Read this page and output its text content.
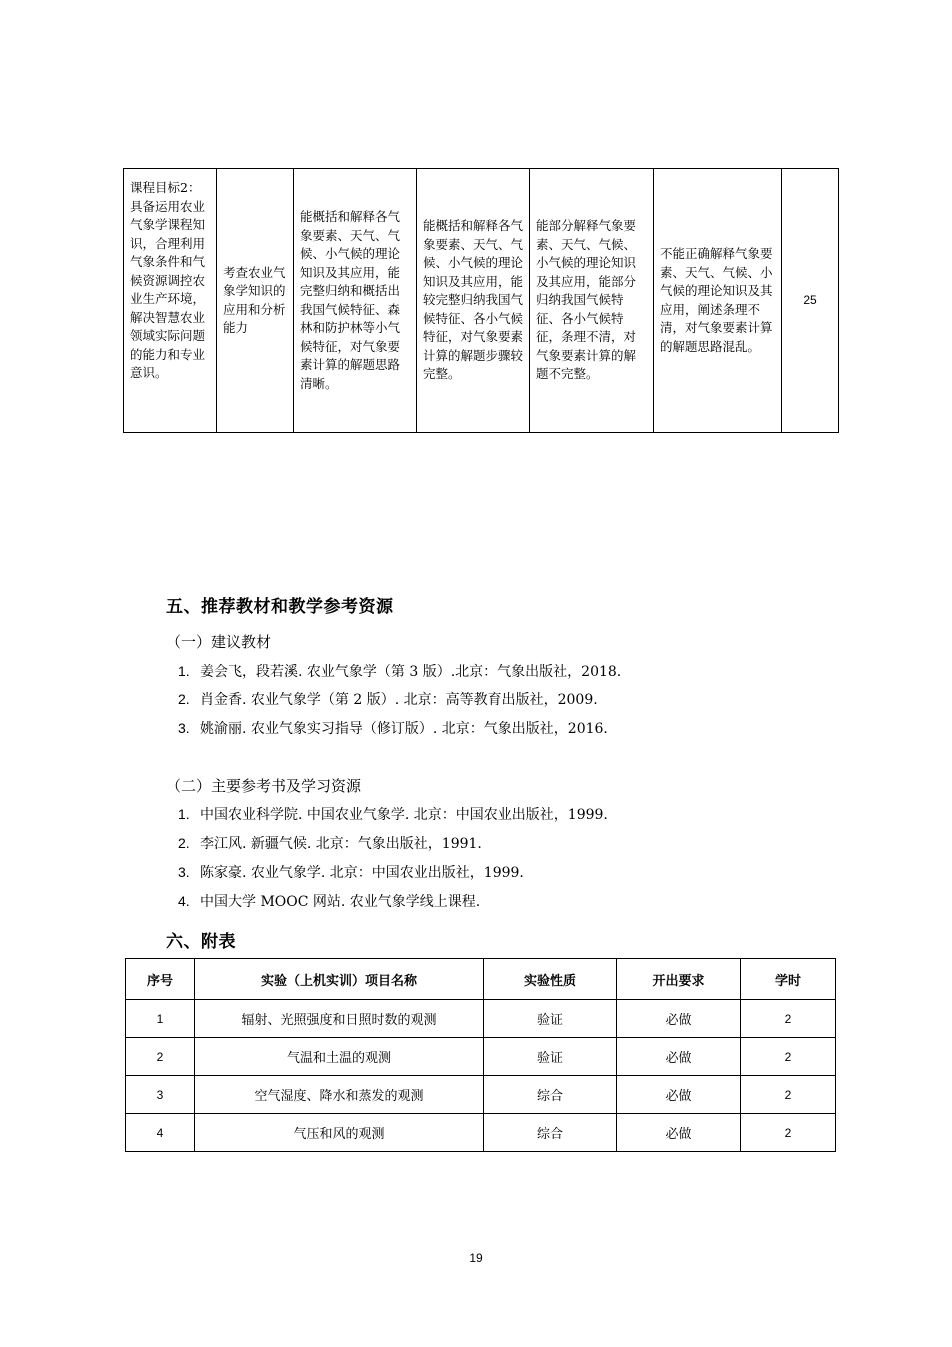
课程目标2：具备运用农业气象学课程知识，合理利用气象条件和气候资源调控农业生产环境，解决智慧农业领域实际问题的能力和专业意识。	考查农业气象学知识的应用和分析能力	能概括和解释各气象要素、天气、气候、小气候的理论知识及其应用，能完整归纳和概括出我国气候特征、森林和防护林等小气候特征，对气象要素计算的解题思路清晰。	能概括和解释各气象要素、天气、气候、小气候的理论知识及其应用，能较完整归纳我国气候特征、各小气候特征，对气象要素计算的解题步骤较完整。	能部分解释气象要素、天气、气候、小气候的理论知识及其应用，能部分归纳我国气候特征、各小气候特征，条理不清，对气象要素计算的解题不完整。	不能正确解释气象要素、天气、气候、小气候的理论知识及其应用，阐述条理不清，对气象要素计算的解题思路混乱。	25
五、推荐教材和教学参考资源
（一）建议教材
1. 姜会飞，段若溪. 农业气象学（第 3 版）.北京：气象出版社，2018.
2. 肖金香. 农业气象学（第 2 版）. 北京：高等教育出版社，2009.
3. 姚渝丽. 农业气象实习指导（修订版）. 北京：气象出版社，2016.
（二）主要参考书及学习资源
1. 中国农业科学院. 中国农业气象学. 北京：中国农业出版社，1999.
2. 李江风. 新疆气候. 北京：气象出版社，1991.
3. 陈家豪. 农业气象学. 北京：中国农业出版社，1999.
4. 中国大学 MOOC 网站. 农业气象学线上课程.
六、附表
序号	实验（上机实训）项目名称	实验性质	开出要求	学时
1	辐射、光照强度和日照时数的观测	验证	必做	2
2	气温和土温的观测	验证	必做	2
3	空气湿度、降水和蒸发的观测	综合	必做	2
4	气压和风的观测	综合	必做	2
19
